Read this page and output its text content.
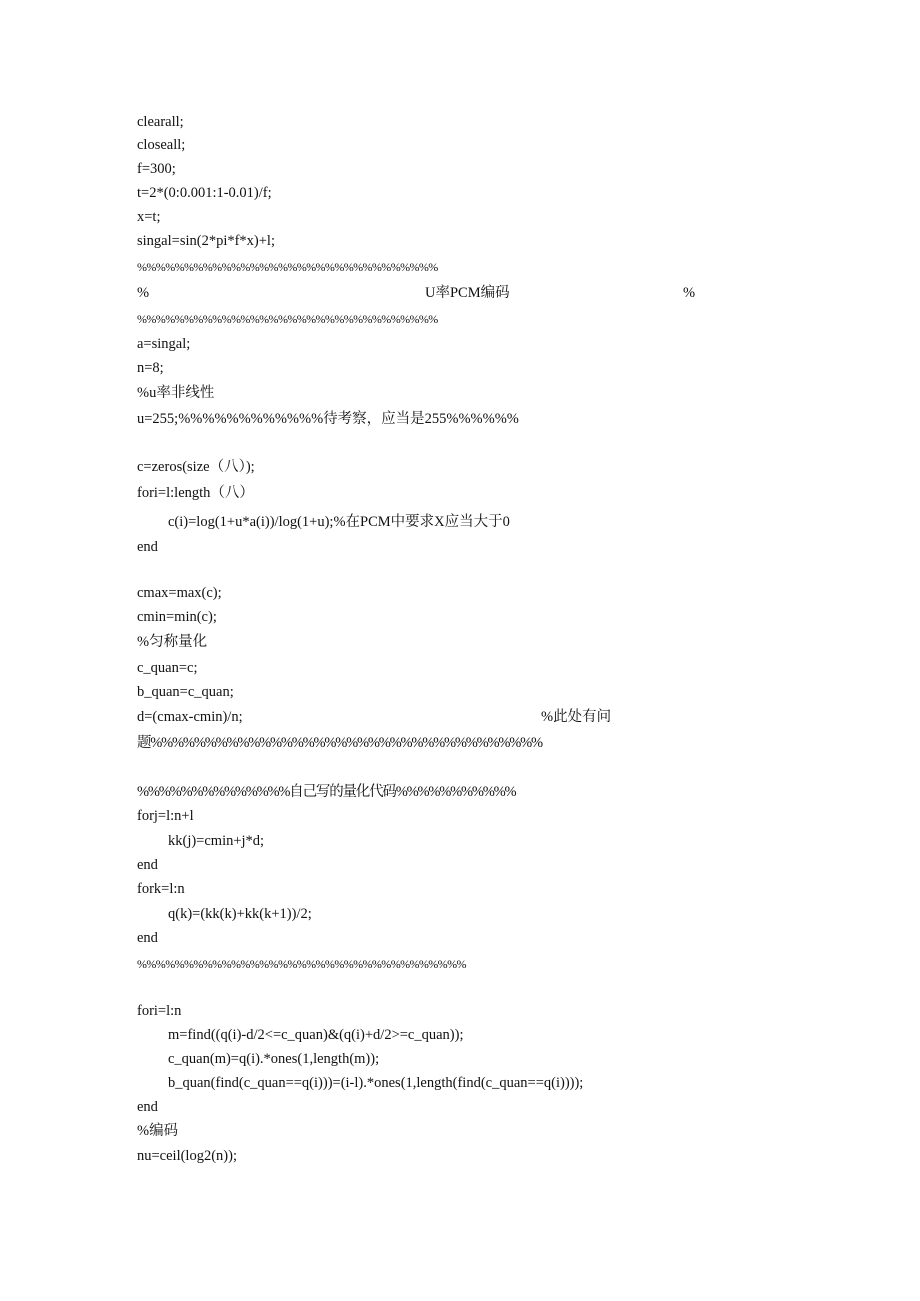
clearall;
closeall;
f=300;
t=2*(0:0.001:1-0.01)/f;
x=t;
singal=sin(2*pi*f*x)+l;
%%%%%%%%%%%%%%%%%%%%%%%%%%%%%%%%
%	U率PCM编码	%
%%%%%%%%%%%%%%%%%%%%%%%%%%%%%%%%
a=singal;
n=8;
%u率非线性
u=255;%%%%%%%%%%%%待考察，应当是255%%%%%%
c=zeros(size（八）);
fori=l:length（八）
c(i)=log(1+u*a(i))/log(1+u);%在PCM中要求X应当大于0
end
cmax=max(c);
cmin=min(c);
%匀称量化
c_quan=c;
b_quan=c_quan;
d=(cmax-cmin)/n;	%此处有问
题%%%%%%%%%%%%%%%%%%%%%%%%%%%%%%%%%%%%
%%%%%%%%%%%%%%自己写的量化代码%%%%%%%%%%%
forj=l:n+l
kk(j)=cmin+j*d;
end
fork=l:n
q(k)=(kk(k)+kk(k+1))/2;
end
%%%%%%%%%%%%%%%%%%%%%%%%%%%%%%%%%%%
fori=l:n
m=find((q(i)-d/2<=c_quan)&(q(i)+d/2>=c_quan));
c_quan(m)=q(i).*ones(1,length(m));
b_quan(find(c_quan==q(i)))=(i-l).*ones(1,length(find(c_quan==q(i))));
end
%编码
nu=ceil(log2(n));
